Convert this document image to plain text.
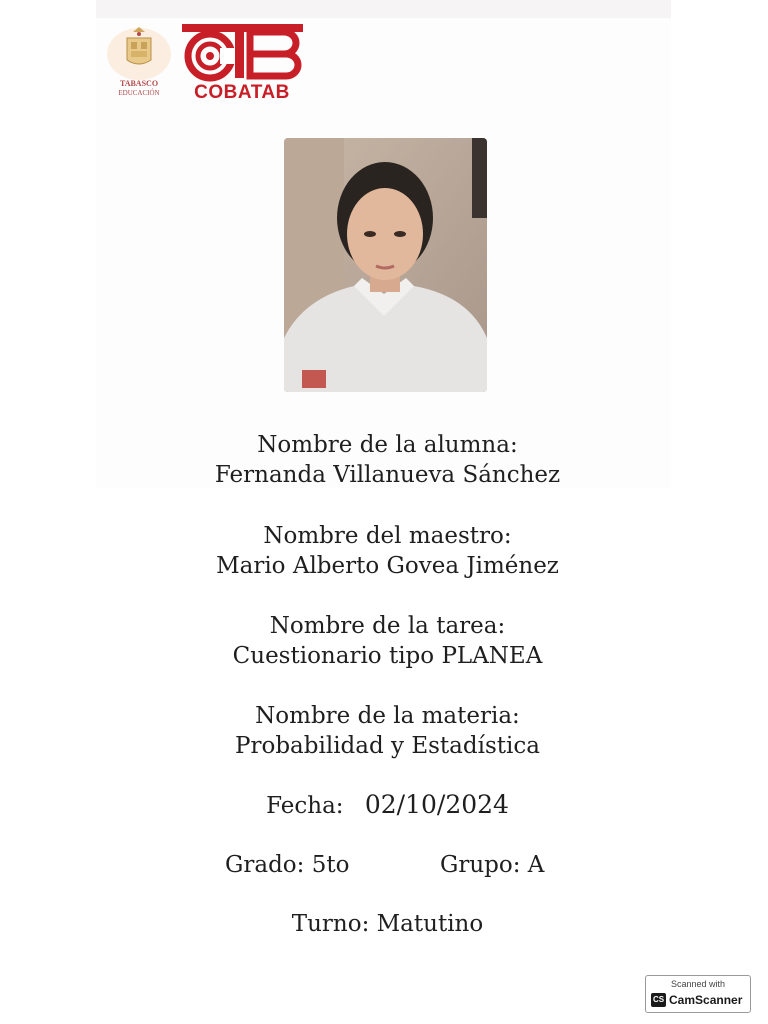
TABASCO
EDUCACIÓN	COBATAB
Nombre de la alumna:
Fernanda Villanueva Sánchez
Nombre del maestro:
Mario Alberto Govea Jiménez
Nombre de la tarea:
Cuestionario tipo PLANEA
Nombre de la materia:
Probabilidad y Estadística
Fecha: 02/10/2024
Grado: 5to	Grupo: A
Turno: Matutino
Scanned with
CS CamScanner
